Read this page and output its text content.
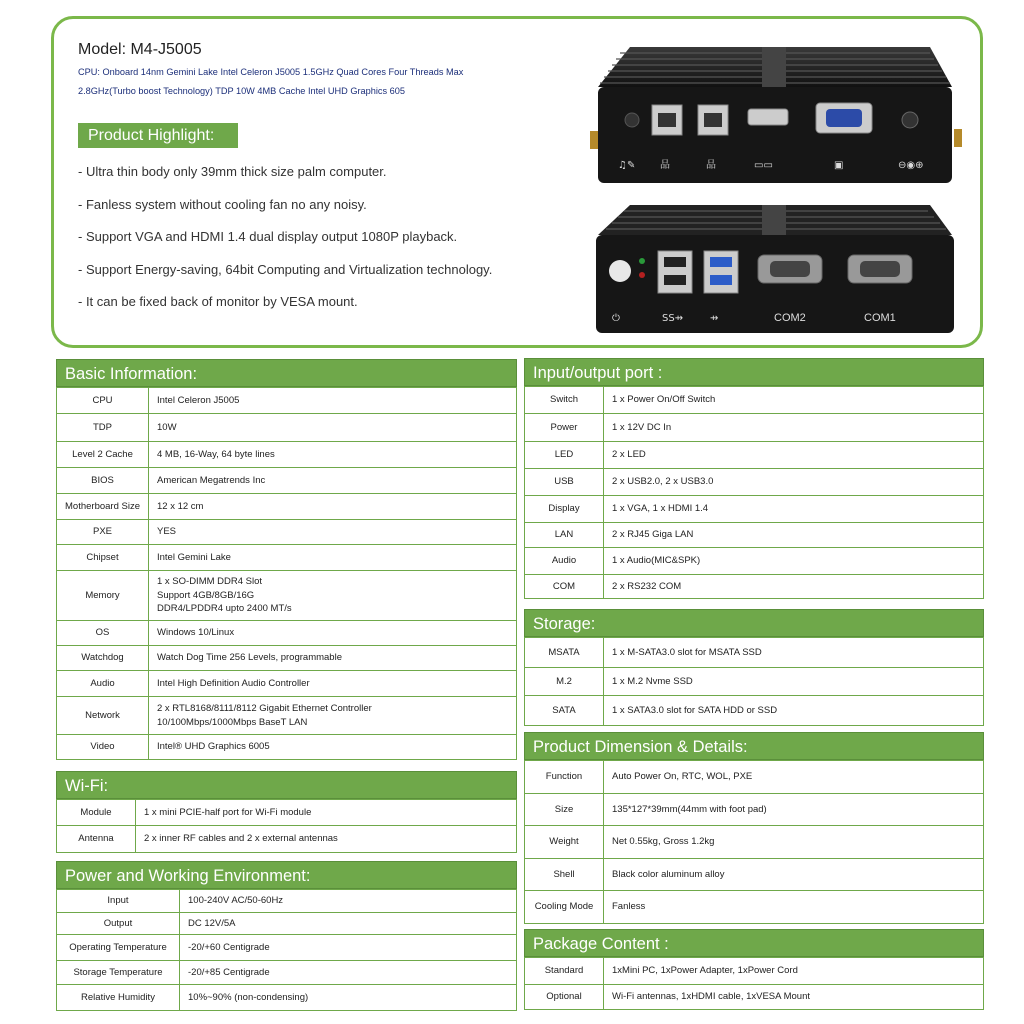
Model: M4-J5005
CPU: Onboard 14nm Gemini Lake Intel Celeron J5005 1.5GHz Quad Cores Four Threads Max
2.8GHz(Turbo boost Technology) TDP 10W 4MB Cache Intel UHD Graphics 605
Product Highlight:
- Ultra thin body only 39mm thick size palm computer.
- Fanless system without cooling fan no any noisy.
- Support VGA and HDMI 1.4 dual display output 1080P playback.
- Support Energy-saving, 64bit Computing and Virtualization technology.
- It can be fixed back of monitor by VESA mount.
♫✎ 品	品	▭▭	▣	⊖◉⊕
⏻	SS⇸	⇸	COM2	COM1
Basic Information:
CPU	Intel Celeron J5005
TDP	10W
Level 2 Cache	4 MB, 16-Way, 64 byte lines
BIOS	American Megatrends Inc
Motherboard Size	12 x 12 cm
PXE	YES
Chipset	Intel Gemini Lake
Memory	1 x SO-DIMM DDR4 Slot
Support 4GB/8GB/16G
DDR4/LPDDR4 upto 2400 MT/s
OS	Windows 10/Linux
Watchdog	Watch Dog Time 256 Levels, programmable
Audio	Intel High Definition Audio Controller
Network	2 x RTL8168/8111/8112 Gigabit Ethernet Controller
10/100Mbps/1000Mbps BaseT LAN
Video	Intel® UHD Graphics 6005
Wi-Fi:
Module	1 x mini PCIE-half port for Wi-Fi module
Antenna	2 x inner RF cables and 2 x external antennas
Power and Working Environment:
Input	100-240V AC/50-60Hz
Output	DC 12V/5A
Operating Temperature	-20/+60 Centigrade
Storage Temperature	-20/+85 Centigrade
Relative Humidity	10%~90% (non-condensing)
Input/output port :
Switch	1 x Power On/Off Switch
Power	1 x 12V DC In
LED	2 x LED
USB	2 x USB2.0, 2 x USB3.0
Display	1 x VGA, 1 x HDMI 1.4
LAN	2 x RJ45 Giga LAN
Audio	1 x Audio(MIC&SPK)
COM	2 x RS232 COM
Storage:
MSATA	1 x M-SATA3.0 slot for MSATA SSD
M.2	1 x M.2 Nvme SSD
SATA	1 x SATA3.0 slot for SATA HDD or SSD
Product Dimension & Details:
Function	Auto Power On, RTC, WOL, PXE
Size	135*127*39mm(44mm with foot pad)
Weight	Net 0.55kg, Gross 1.2kg
Shell	Black color aluminum alloy
Cooling Mode	Fanless
Package Content :
Standard	1xMini PC, 1xPower Adapter, 1xPower Cord
Optional	Wi-Fi antennas, 1xHDMI cable, 1xVESA Mount
